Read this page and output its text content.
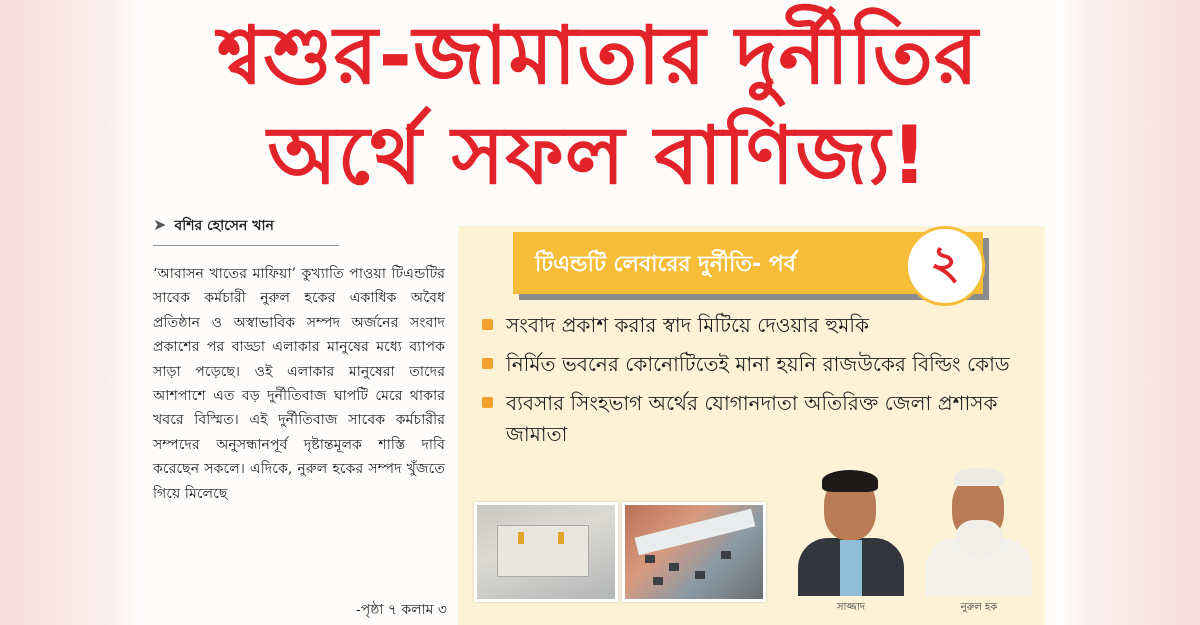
শ্বশুর-জামাতার দুর্নীতির
অর্থে সফল বাণিজ্য!
➤ বশির হোসেন খান
‘আবাসন খাতের মাফিয়া’ কুখ্যাতি পাওয়া টিএন্ডটির সাবেক কর্মচারী নুরুল হকের একাধিক অবৈধ প্রতিষ্ঠান ও অস্বাভাবিক সম্পদ অর্জনের সংবাদ প্রকাশের পর বাড্ডা এলাকার মানুষের মধ্যে ব্যাপক সাড়া পড়েছে। ওই এলাকার মানুষেরা তাদের আশপাশে এত বড় দুর্নীতিবাজ ঘাপটি মেরে থাকার খবরে বিস্মিত। এই দুর্নীতিবাজ সাবেক কর্মচারীর সম্পদের অনুসন্ধানপূর্ব দৃষ্টান্তমূলক শাস্তি দাবি করেছেন সকলে। এদিকে, নুরুল হকের সম্পদ খুঁজতে গিয়ে মিলেছে
-পৃষ্ঠা ৭ কলাম ৩
টিএন্ডটি লেবারের দুর্নীতি- পর্ব	২
সংবাদ প্রকাশ করার স্বাদ মিটিয়ে দেওয়ার হুমকি
নির্মিত ভবনের কোনোটিতেই মানা হয়নি রাজউকের বিল্ডিং কোড
ব্যবসার সিংহভাগ অর্থের যোগানদাতা অতিরিক্ত জেলা প্রশাসক জামাতা
সাজ্জাদ	নুরুল হক
